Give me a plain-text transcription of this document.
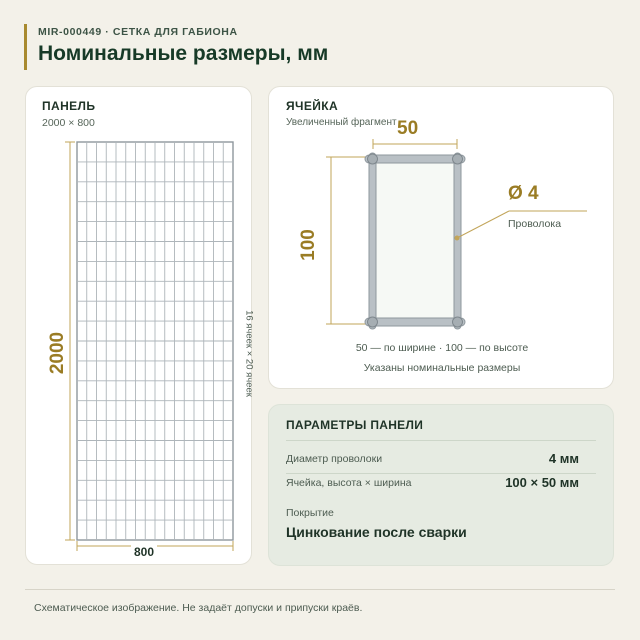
MIR-000449 · СЕТКА ДЛЯ ГАБИОНА
Номинальные размеры, мм
ПАНЕЛЬ
2000 × 800
2000
800
16 ячеек × 20 ячеек
ЯЧЕЙКА
Увеличенный фрагмент 50
100
Ø 4
Проволока
50 — по ширине · 100 — по высоте
Указаны номинальные размеры
ПАРАМЕТРЫ ПАНЕЛИ
Диаметр проволоки	4 мм
Ячейка, высота × ширина	100 × 50 мм
Покрытие
Цинкование после сварки
Схематическое изображение. Не задаёт допуски и припуски краёв.
